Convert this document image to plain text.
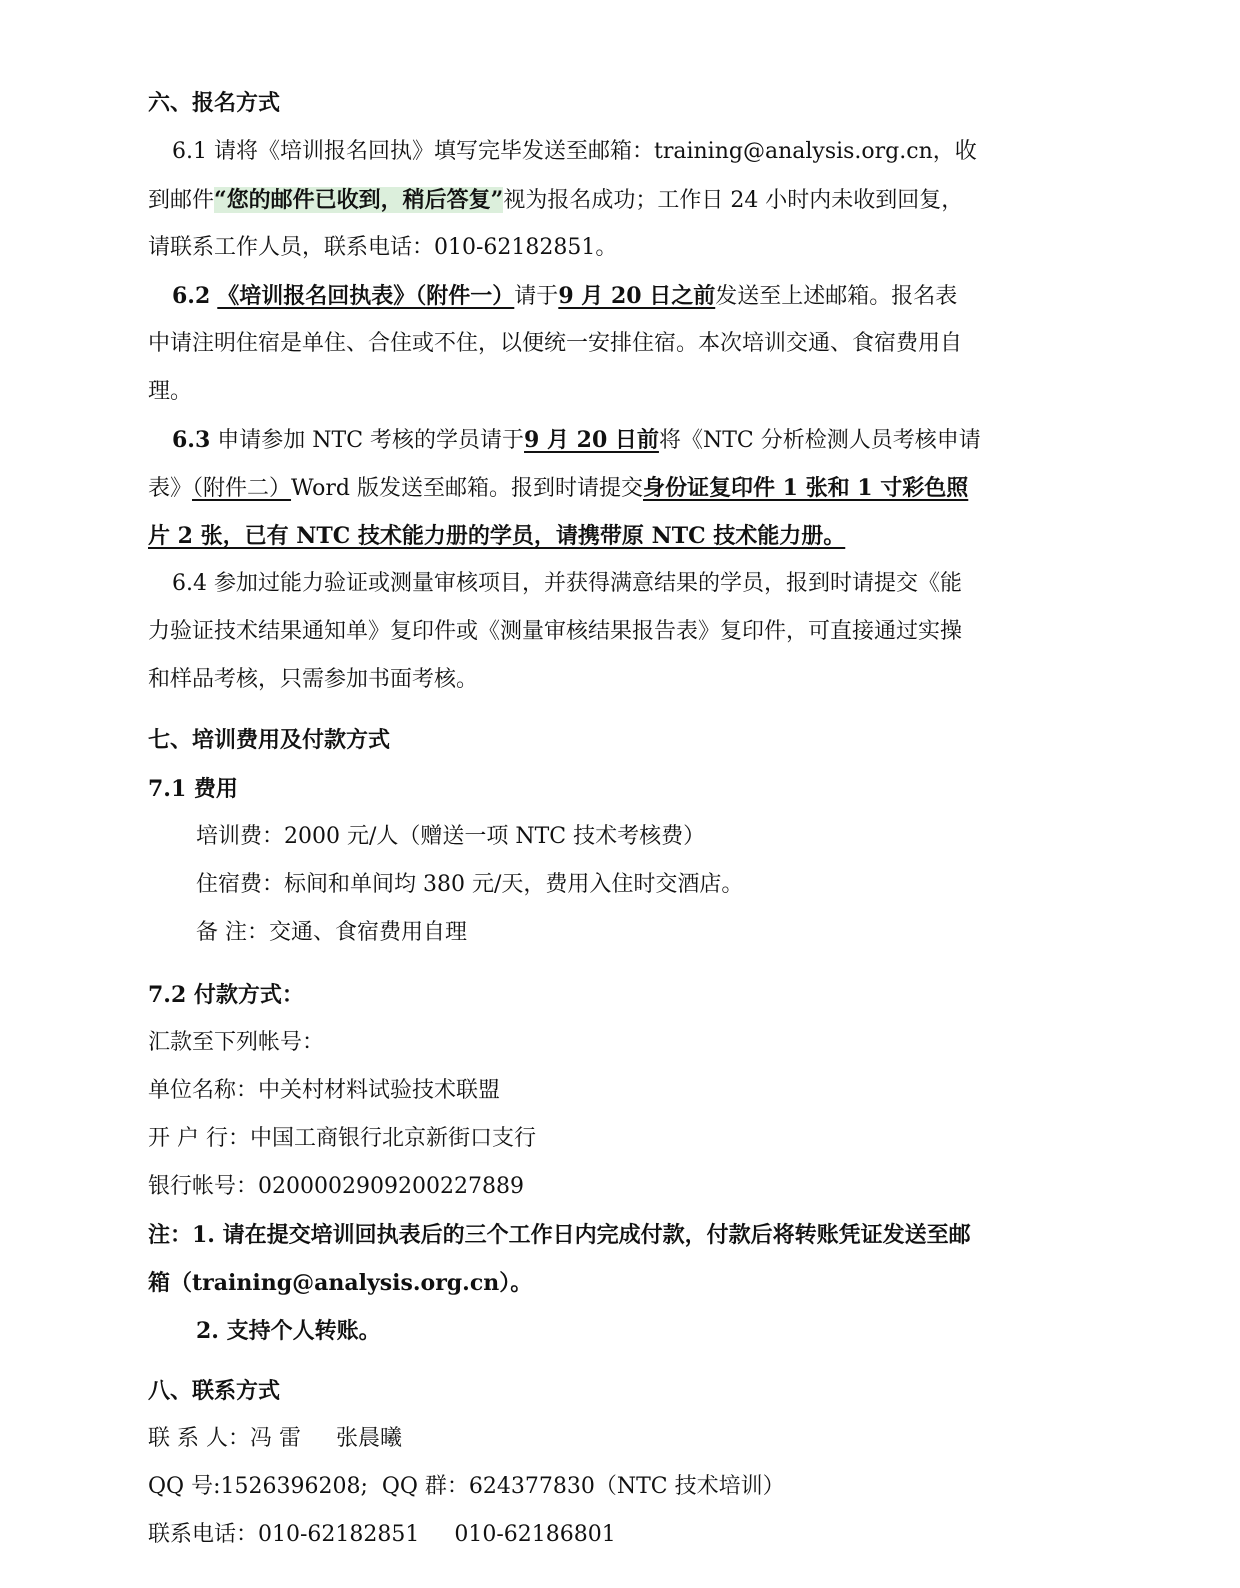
六、报名方式
6.1 请将《培训报名回执》填写完毕发送至邮箱：training@analysis.org.cn，收
到邮件“您的邮件已收到，稍后答复”视为报名成功；工作日 24 小时内未收到回复，
请联系工作人员，联系电话：010-62182851。
6.2 《培训报名回执表》（附件一）请于9 月 20 日之前发送至上述邮箱。报名表
中请注明住宿是单住、合住或不住，以便统一安排住宿。本次培训交通、食宿费用自
理。
6.3 申请参加 NTC 考核的学员请于9 月 20 日前将《NTC 分析检测人员考核申请
表》（附件二）Word 版发送至邮箱。报到时请提交身份证复印件 1 张和 1 寸彩色照
片 2 张，已有 NTC 技术能力册的学员，请携带原 NTC 技术能力册。
6.4 参加过能力验证或测量审核项目，并获得满意结果的学员，报到时请提交《能
力验证技术结果通知单》复印件或《测量审核结果报告表》复印件，可直接通过实操
和样品考核，只需参加书面考核。
七、培训费用及付款方式
7.1 费用
培训费：2000 元/人（赠送一项 NTC 技术考核费）
住宿费：标间和单间均 380 元/天，费用入住时交酒店。
备 注：交通、食宿费用自理
7.2 付款方式：
汇款至下列帐号：
单位名称：中关村材料试验技术联盟
开 户 行：中国工商银行北京新街口支行
银行帐号：0200002909200227889
注：1. 请在提交培训回执表后的三个工作日内完成付款，付款后将转账凭证发送至邮
箱（training@analysis.org.cn）。
2. 支持个人转账。
八、联系方式
联 系 人：冯 雷     张晨曦
QQ 号:1526396208;  QQ 群：624377830（NTC 技术培训）
联系电话：010-62182851     010-62186801
